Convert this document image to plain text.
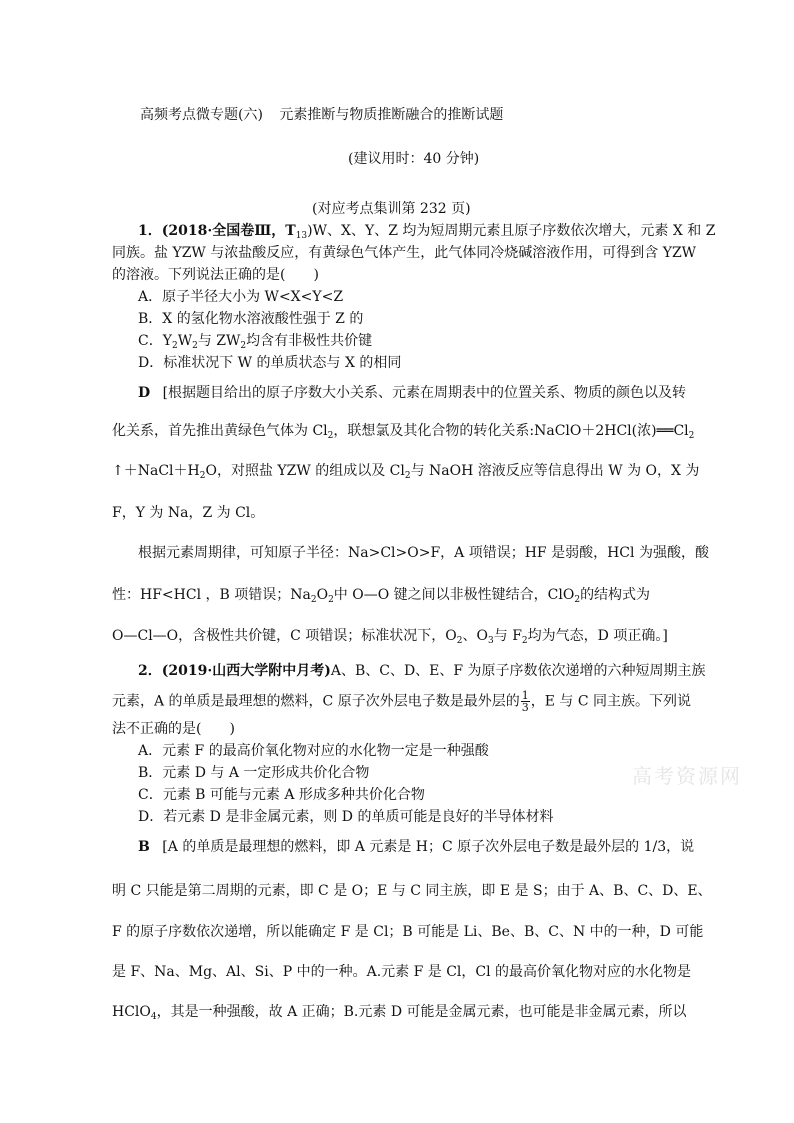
高频考点微专题(六) 元素推断与物质推断融合的推断试题
(建议用时：40 分钟)
(对应考点集训第 232 页)
1．(2018·全国卷Ⅲ，$T_{13})W$、X、Y、Z 均为短周期元素且原子序数依次增大，元素 X 和 Z
同族。盐 YZW 与浓盐酸反应，有黄绿色气体产生，此气体同冷烧碱溶液作用，可得到含 YZW
的溶液。下列说法正确的是(　　)
A．原子半径大小为 W<X<Y<Z
B．X 的氢化物水溶液酸性强于 Z 的
C．$Y_2W_2$与 $ZW_2$均含有非极性共价键
D．标准状况下 W 的单质状态与 X 的相同
D [根据题目给出的原子序数大小关系、元素在周期表中的位置关系、物质的颜色以及转
化关系，首先推出黄绿色气体为 $Cl_2$，联想氯及其化合物的转化关系:NaClO＋2HCl(浓)$══Cl_2$
$↑+NaCl+H_2O$，对照盐 YZW 的组成以及 $Cl_2$与 NaOH 溶液反应等信息得出 W 为 O，X 为
F，Y 为 Na，Z 为 Cl。
根据元素周期律，可知原子半径：Na>Cl>O>F，A 项错误；HF 是弱酸，HCl 为强酸，酸
性：HF<HCl ，B 项错误；$Na_2O_2$中 O—O 键之间以非极性键结合，ClO$_2$的结构式为
O—Cl—O，含极性共价键，C 项错误；标准状况下，$O_2$、$O_3$与 $F_2$均为气态，D 项正确。]
2．(2019·山西大学附中月考)A、B、C、D、E、F 为原子序数依次递增的六种短周期主族
元素，A 的单质是最理想的燃料，C 原子次外层电子数是最外层的 $\frac{1}{3}$ ，E 与 C 同主族。下列说
法不正确的是(　　)
A．元素 F 的最高价氧化物对应的水化物一定是一种强酸
B．元素 D 与 A 一定形成共价化合物
C．元素 B 可能与元素 A 形成多种共价化合物
D．若元素 D 是非金属元素，则 D 的单质可能是良好的半导体材料
高考资源网
B [A 的单质是最理想的燃料，即 A 元素是 H；C 原子次外层电子数是最外层的 1/3，说
明 C 只能是第二周期的元素，即 C 是 O；E 与 C 同主族，即 E 是 S；由于 A、B、C、D、E、
F 的原子序数依次递增，所以能确定 F 是 Cl；B 可能是 Li、Be、B、C、N 中的一种，D 可能
是 F、Na、Mg、Al、Si、P 中的一种。A.元素 F 是 Cl，Cl 的最高价氧化物对应的水化物是
HClO$_4$，其是一种强酸，故 A 正确；B.元素 D 可能是金属元素，也可能是非金属元素，所以
